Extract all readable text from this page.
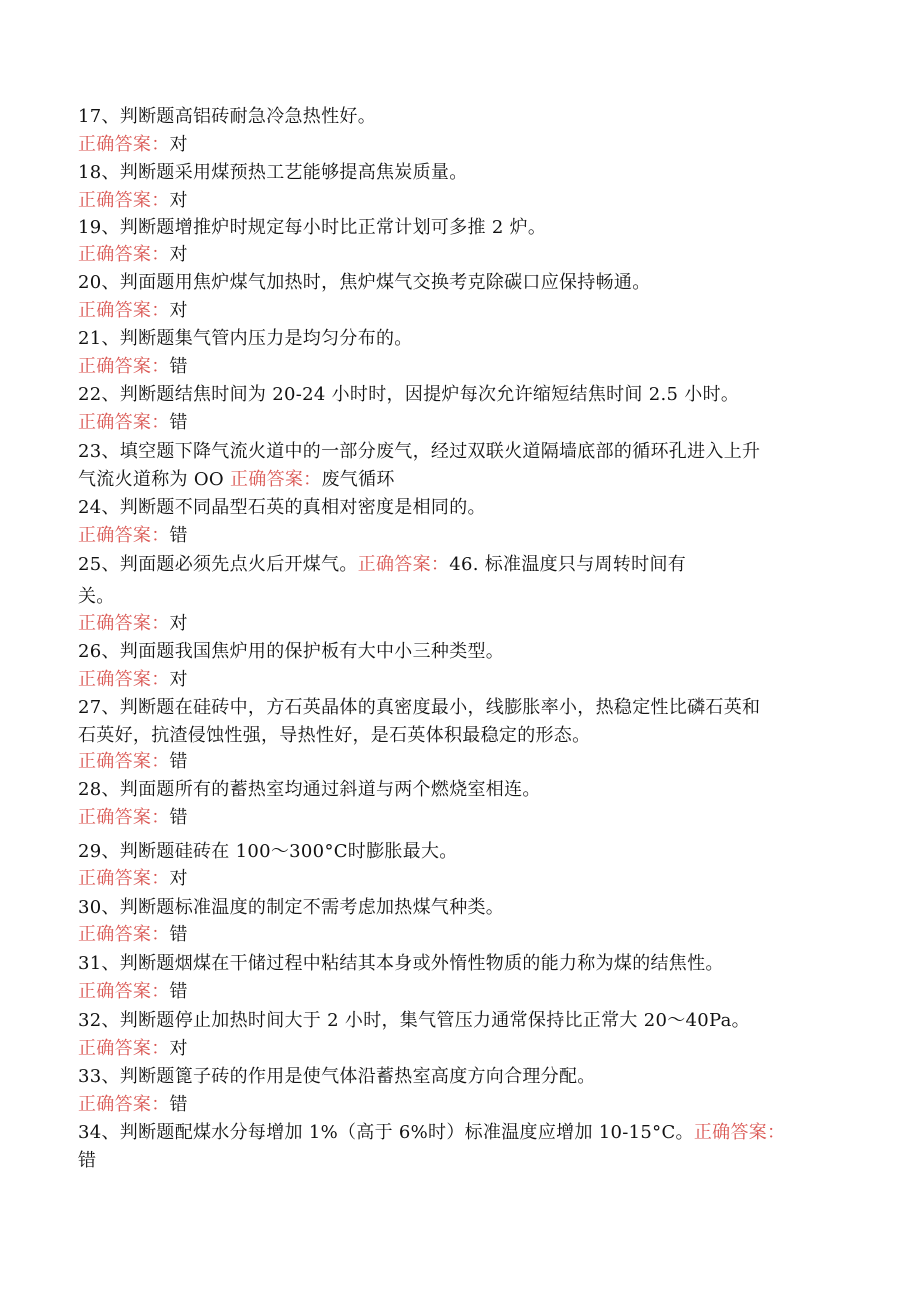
17、判断题高铝砖耐急冷急热性好。
正确答案：对
18、判断题采用煤预热工艺能够提高焦炭质量。
正确答案：对
19、判断题增推炉时规定每小时比正常计划可多推 2 炉。
正确答案：对
20、判面题用焦炉煤气加热时，焦炉煤气交换考克除碳口应保持畅通。
正确答案：对
21、判断题集气管内压力是均匀分布的。
正确答案：错
22、判断题结焦时间为 20-24 小时时，因提炉每次允许缩短结焦时间 2.5 小时。
正确答案：错
23、填空题下降气流火道中的一部分废气，经过双联火道隔墙底部的循环孔进入上升
气流火道称为 OO 正确答案：废气循环
24、判断题不同晶型石英的真相对密度是相同的。
正确答案：错
25、判面题必须先点火后开煤气。正确答案：46. 标准温度只与周转时间有
关。
正确答案：对
26、判面题我国焦炉用的保护板有大中小三种类型。
正确答案：对
27、判断题在硅砖中，方石英晶体的真密度最小，线膨胀率小，热稳定性比磷石英和
石英好，抗渣侵蚀性强，导热性好，是石英体积最稳定的形态。
正确答案：错
28、判面题所有的蓄热室均通过斜道与两个燃烧室相连。
正确答案：错
29、判断题硅砖在 100～300°C时膨胀最大。
正确答案：对
30、判断题标准温度的制定不需考虑加热煤气种类。
正确答案：错
31、判断题烟煤在干储过程中粘结其本身或外惰性物质的能力称为煤的结焦性。
正确答案：错
32、判断题停止加热时间大于 2 小时，集气管压力通常保持比正常大 20～40Pa。
正确答案：对
33、判断题篦子砖的作用是使气体沿蓄热室高度方向合理分配。
正确答案：错
34、判断题配煤水分每增加 1%（高于 6%时）标准温度应增加 10-15°C。正确答案：
错
